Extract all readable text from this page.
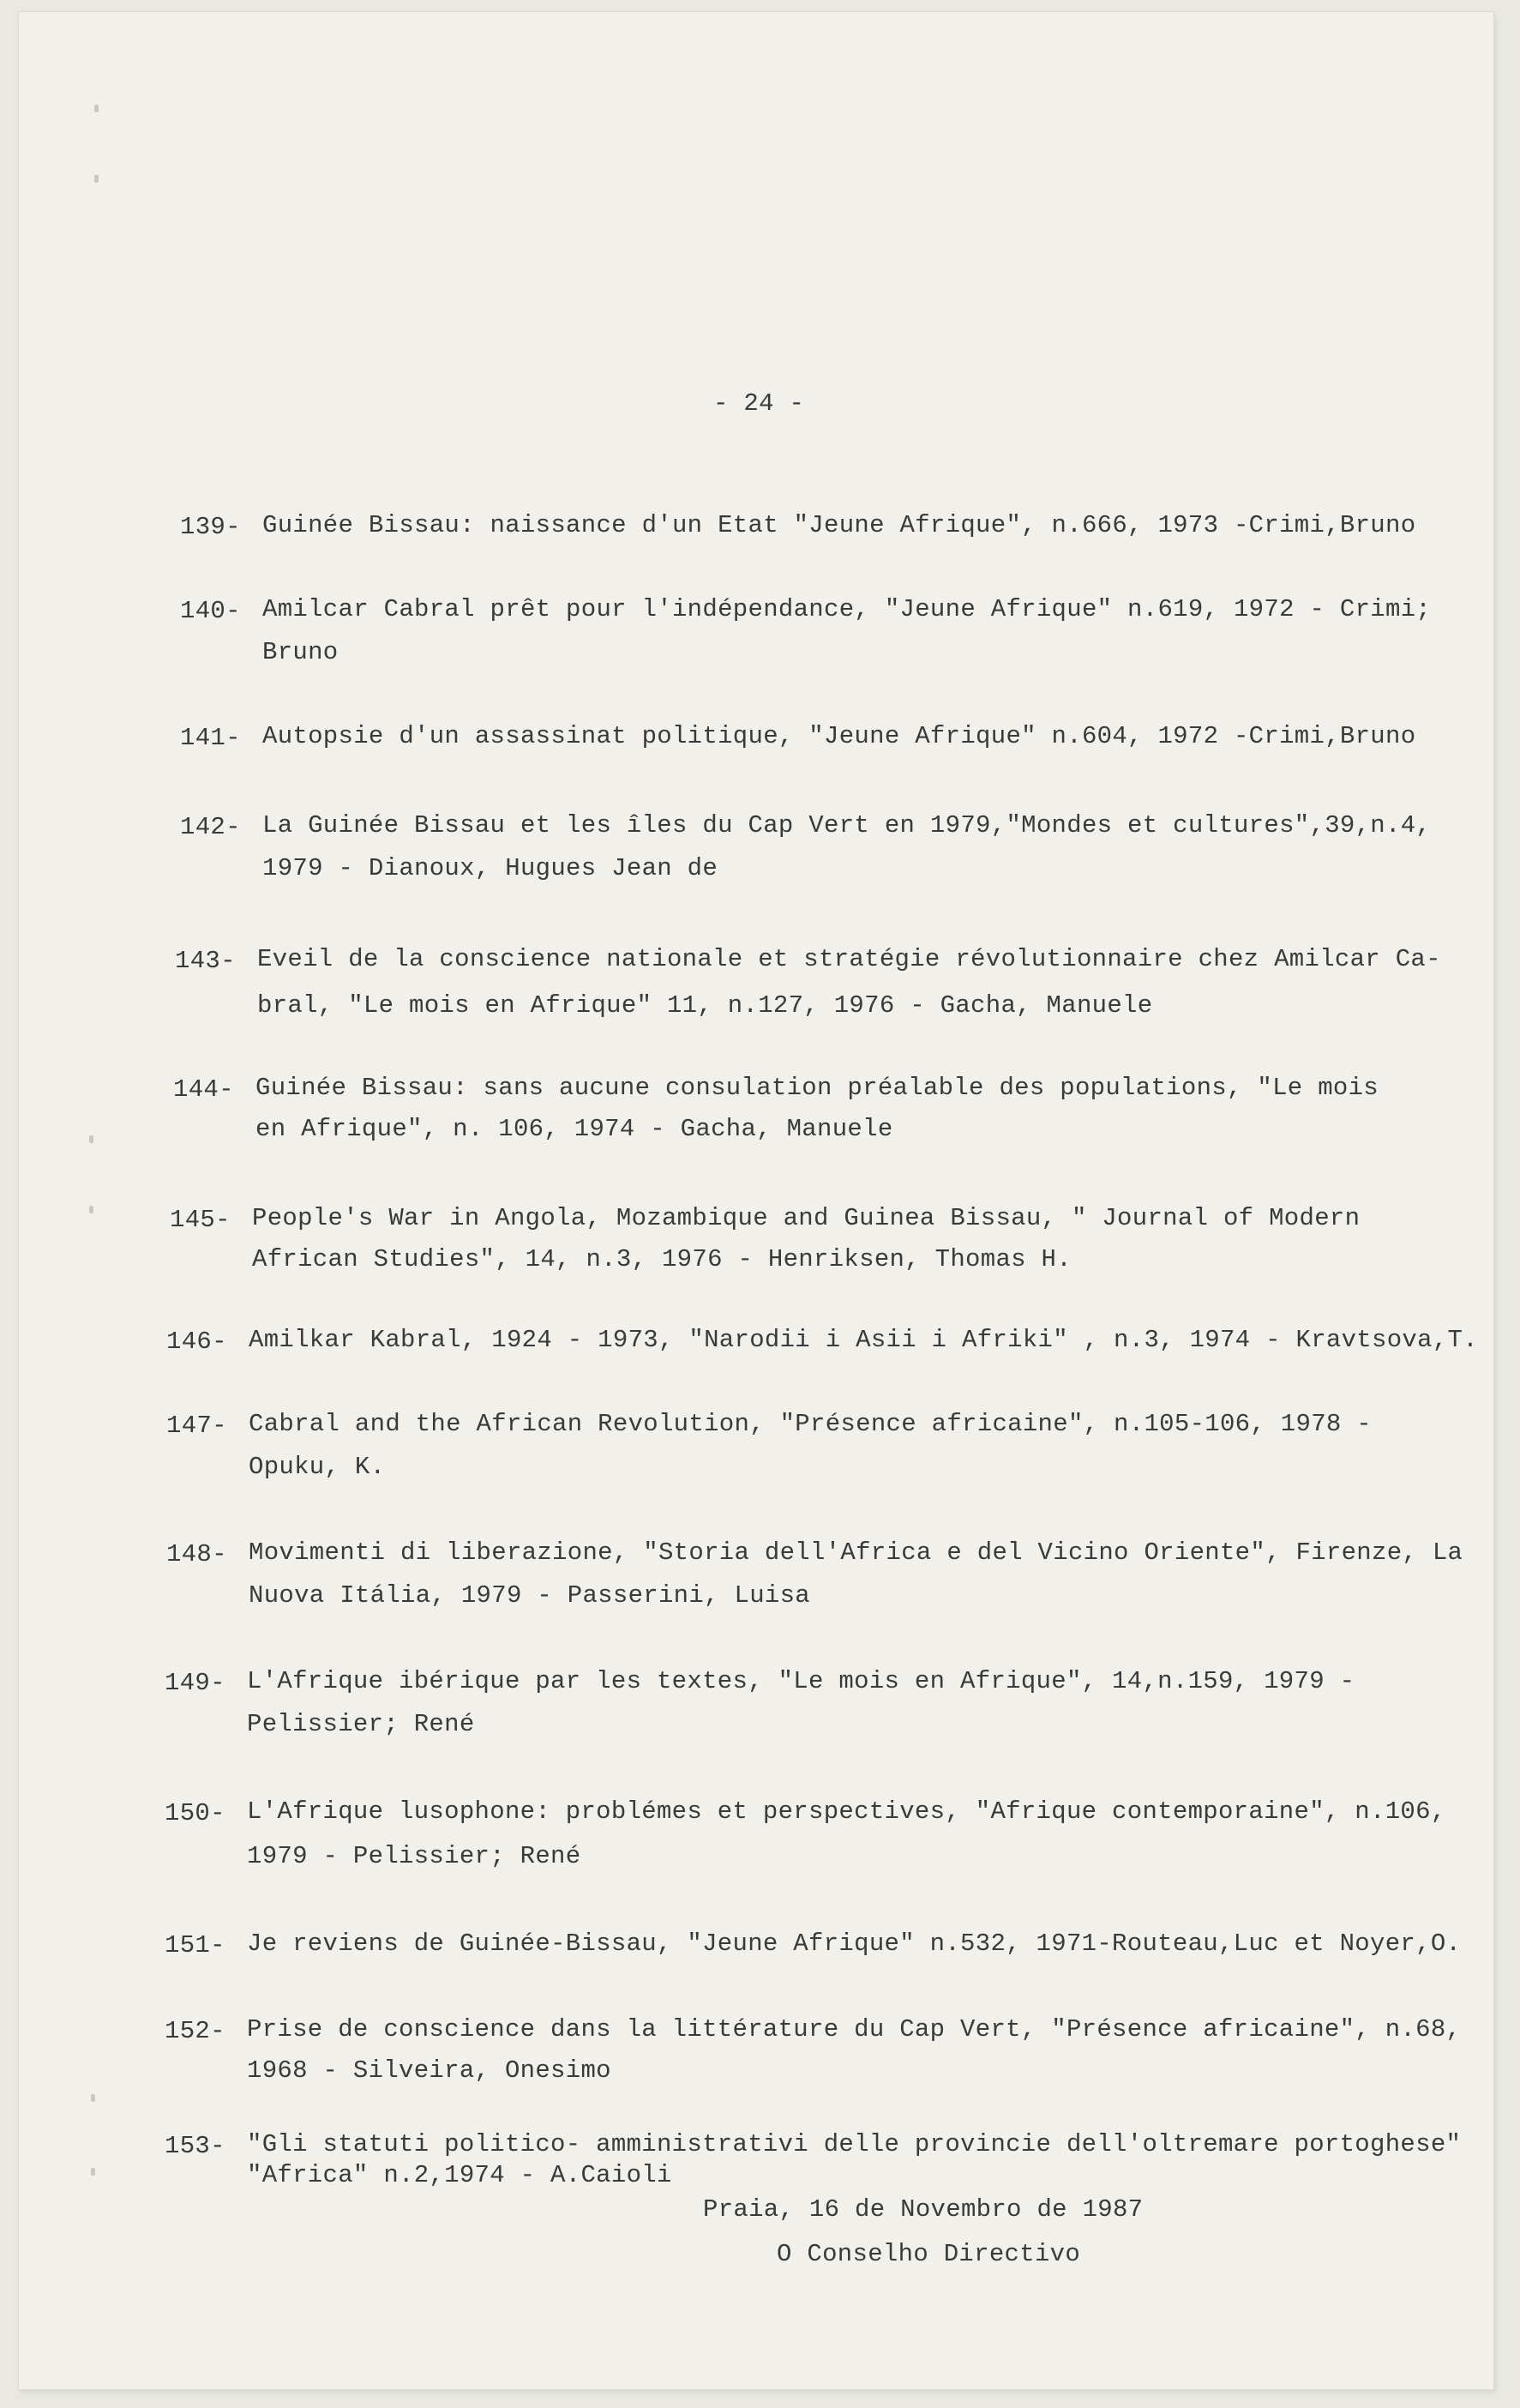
- 24 -
139- Guinée Bissau: naissance d'un Etat "Jeune Afrique", n.666, 1973 -Crimi,Bruno
140- Amilcar Cabral prêt pour l'indépendance, "Jeune Afrique" n.619, 1972 - Crimi;
Bruno
141- Autopsie d'un assassinat politique, "Jeune Afrique" n.604, 1972 -Crimi,Bruno
142- La Guinée Bissau et les îles du Cap Vert en 1979,"Mondes et cultures",39,n.4,
1979 - Dianoux, Hugues Jean de
143- Eveil de la conscience nationale et stratégie révolutionnaire chez Amilcar Ca-
bral, "Le mois en Afrique" 11, n.127, 1976 - Gacha, Manuele
144- Guinée Bissau: sans aucune consulation préalable des populations, "Le mois
en Afrique", n. 106, 1974 - Gacha, Manuele
145- People's War in Angola, Mozambique and Guinea Bissau, " Journal of Modern
African Studies", 14, n.3, 1976 - Henriksen, Thomas H.
146- Amilkar Kabral, 1924 - 1973, "Narodii i Asii i Afriki" , n.3, 1974 - Kravtsova,T.
147- Cabral and the African Revolution, "Présence africaine", n.105-106, 1978 -
Opuku, K.
148- Movimenti di liberazione, "Storia dell'Africa e del Vicino Oriente", Firenze, La
Nuova Itália, 1979 - Passerini, Luisa
149- L'Afrique ibérique par les textes, "Le mois en Afrique", 14,n.159, 1979 -
Pelissier; René
150- L'Afrique lusophone: problémes et perspectives, "Afrique contemporaine", n.106,
1979 - Pelissier; René
151- Je reviens de Guinée-Bissau, "Jeune Afrique" n.532, 1971-Routeau,Luc et Noyer,O.
152- Prise de conscience dans la littérature du Cap Vert, "Présence africaine", n.68,
1968 - Silveira, Onesimo
153- "Gli statuti politico- amministrativi delle provincie dell'oltremare portoghese"
"Africa" n.2,1974 - A.Caioli
Praia, 16 de Novembro de 1987
O Conselho Directivo
